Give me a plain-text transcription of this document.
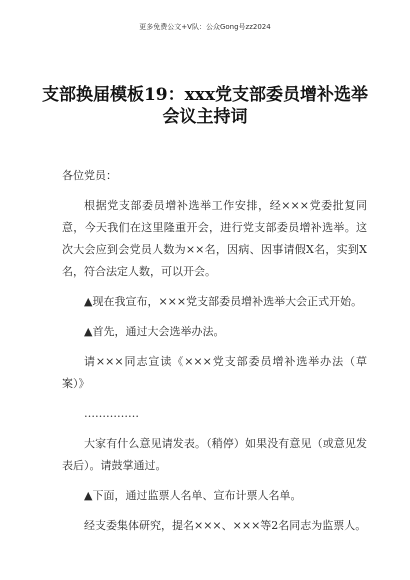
更多免费公文+V队：公众Gong号zz2024
支部换届模板19：xxx党支部委员增补选举
会议主持词

各位党员：

根据党支部委员增补选举工作安排，经×××党委批复同意，今天我们在这里隆重开会，进行党支部委员增补选举。这次大会应到会党员人数为××名，因病、因事请假X名，实到X名，符合法定人数，可以开会。

▲现在我宣布，×××党支部委员增补选举大会正式开始。

▲首先，通过大会选举办法。

请×××同志宣读《×××党支部委员增补选举办法（草案）》

……………

大家有什么意见请发表。（稍停）如果没有意见（或意见发表后）。请鼓掌通过。

▲下面，通过监票人名单、宣布计票人名单。

经支委集体研究，提名×××、×××等2名同志为监票人。
